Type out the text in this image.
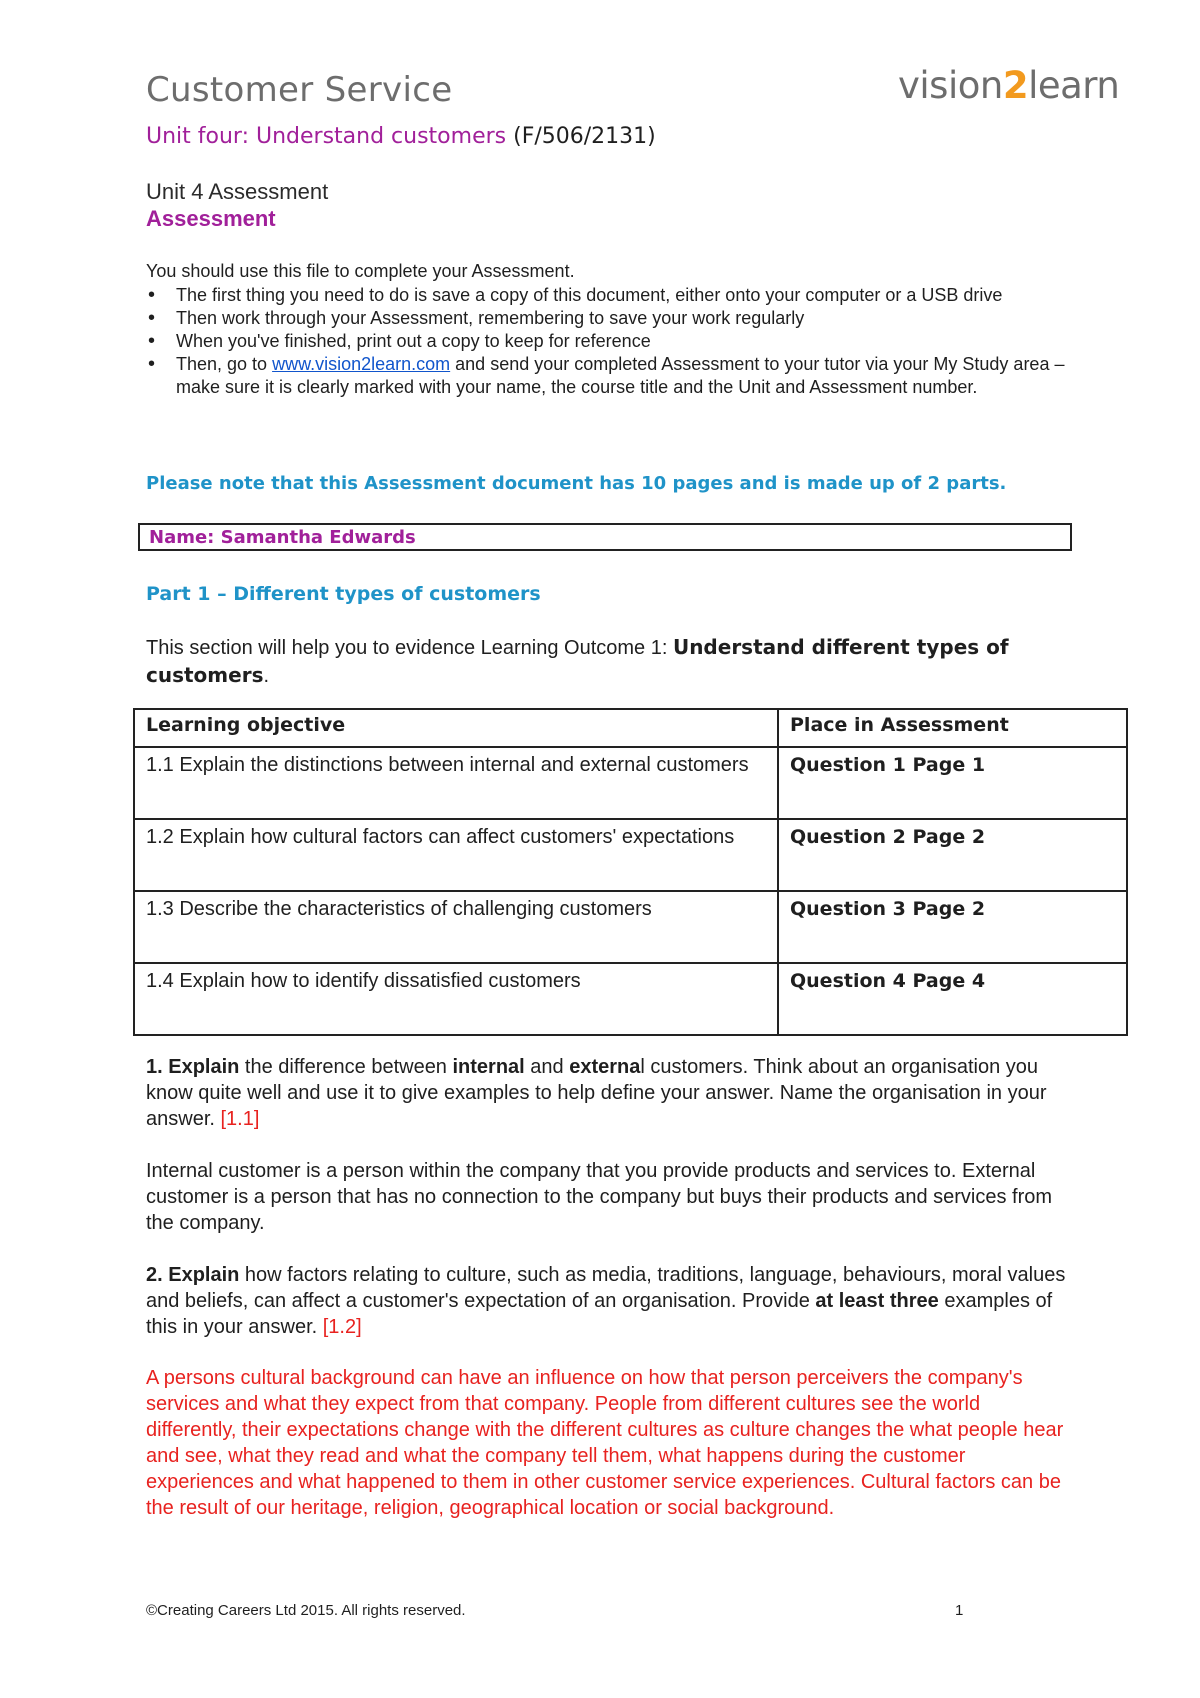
Customer Service	vision2learn
Unit four: Understand customers (F/506/2131)
Unit 4 Assessment
Assessment
You should use this file to complete your Assessment.
• The first thing you need to do is save a copy of this document, either onto your computer or a USB drive
• Then work through your Assessment, remembering to save your work regularly
• When you've finished, print out a copy to keep for reference
• Then, go to www.vision2learn.com and send your completed Assessment to your tutor via your My Study area – make sure it is clearly marked with your name, the course title and the Unit and Assessment number.
Please note that this Assessment document has 10 pages and is made up of 2 parts.
Name: Samantha Edwards
Part 1 – Different types of customers
This section will help you to evidence Learning Outcome 1: Understand different types of customers.
Learning objective	Place in Assessment
1.1 Explain the distinctions between internal and external customers	Question 1 Page 1
1.2 Explain how cultural factors can affect customers' expectations	Question 2 Page 2
1.3 Describe the characteristics of challenging customers	Question 3 Page 2
1.4 Explain how to identify dissatisfied customers	Question 4 Page 4
1. Explain the difference between internal and external customers. Think about an organisation you know quite well and use it to give examples to help define your answer. Name the organisation in your answer. [1.1]
Internal customer is a person within the company that you provide products and services to. External customer is a person that has no connection to the company but buys their products and services from the company.
2. Explain how factors relating to culture, such as media, traditions, language, behaviours, moral values and beliefs, can affect a customer's expectation of an organisation. Provide at least three examples of this in your answer. [1.2]
A persons cultural background can have an influence on how that person perceivers the company's services and what they expect from that company. People from different cultures see the world differently, their expectations change with the different cultures as culture changes the what people hear and see, what they read and what the company tell them, what happens during the customer experiences and what happened to them in other customer service experiences. Cultural factors can be the result of our heritage, religion, geographical location or social background.
©Creating Careers Ltd 2015. All rights reserved.	1
